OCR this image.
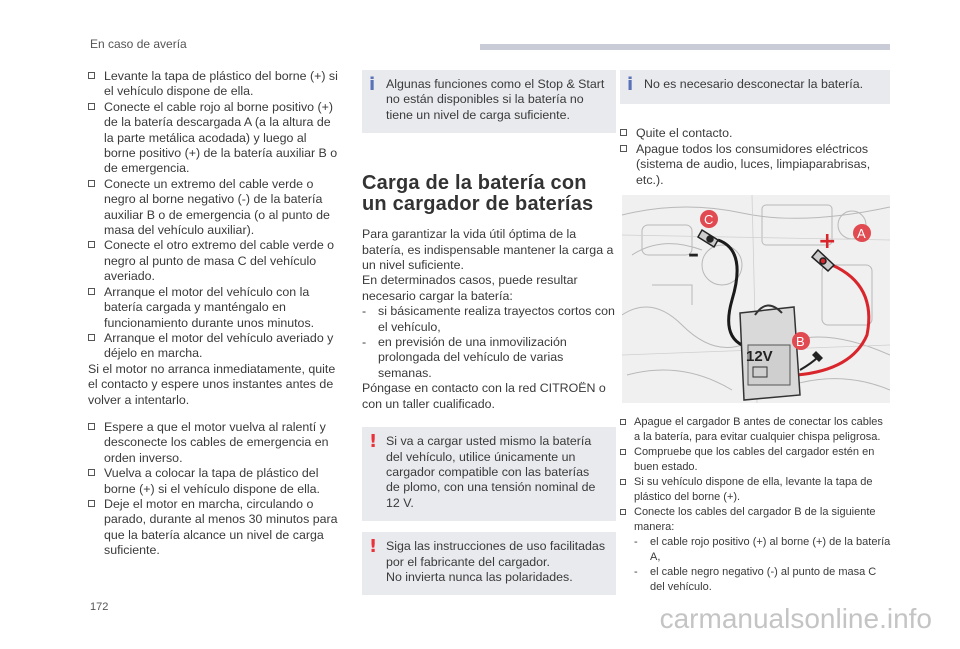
En caso de avería
Levante la tapa de plástico del borne (+) si el vehículo dispone de ella.
Conecte el cable rojo al borne positivo (+) de la batería descargada A (a la altura de la parte metálica acodada) y luego al borne positivo (+) de la batería auxiliar B o de emergencia.
Conecte un extremo del cable verde o negro al borne negativo (-) de la batería auxiliar B o de emergencia (o al punto de masa del vehículo auxiliar).
Conecte el otro extremo del cable verde o negro al punto de masa C del vehículo averiado.
Arranque el motor del vehículo con la batería cargada y manténgalo en funcionamiento durante unos minutos.
Arranque el motor del vehículo averiado y déjelo en marcha.

Si el motor no arranca inmediatamente, quite el contacto y espere unos instantes antes de volver a intentarlo.

Espere a que el motor vuelva al ralentí y desconecte los cables de emergencia en orden inverso.
Vuelva a colocar la tapa de plástico del borne (+) si el vehículo dispone de ella.
Deje el motor en marcha, circulando o parado, durante al menos 30 minutos para que la batería alcance un nivel de carga suficiente.
i Algunas funciones como el Stop & Start no están disponibles si la batería no tiene un nivel de carga suficiente.

Carga de la batería con un cargador de baterías

Para garantizar la vida útil óptima de la batería, es indispensable mantener la carga a un nivel suficiente.

En determinados casos, puede resultar necesario cargar la batería:

- si básicamente realiza trayectos cortos con el vehículo,
- en previsión de una inmovilización prolongada del vehículo de varias semanas.

Póngase en contacto con la red CITROËN o con un taller cualificado.

! Si va a cargar usted mismo la batería del vehículo, utilice únicamente un cargador compatible con las baterías de plomo, con una tensión nominal de 12 V.

! Siga las instrucciones de uso facilitadas por el fabricante del cargador.

No invierta nunca las polaridades.

i No es necesario desconectar la batería.

Quite el contacto.
Apague todos los consumidores eléctricos (sistema de audio, luces, limpiaparabrisas, etc.).
12V
+
–
C
A
B
Apague el cargador B antes de conectar los cables a la batería, para evitar cualquier chispa peligrosa.
Compruebe que los cables del cargador estén en buen estado.
Si su vehículo dispone de ella, levante la tapa de plástico del borne (+).
Conecte los cables del cargador B de la siguiente manera:
- el cable rojo positivo (+) al borne (+) de la batería A,
- el cable negro negativo (-) al punto de masa C del vehículo.
172	carmanualsonline.info
